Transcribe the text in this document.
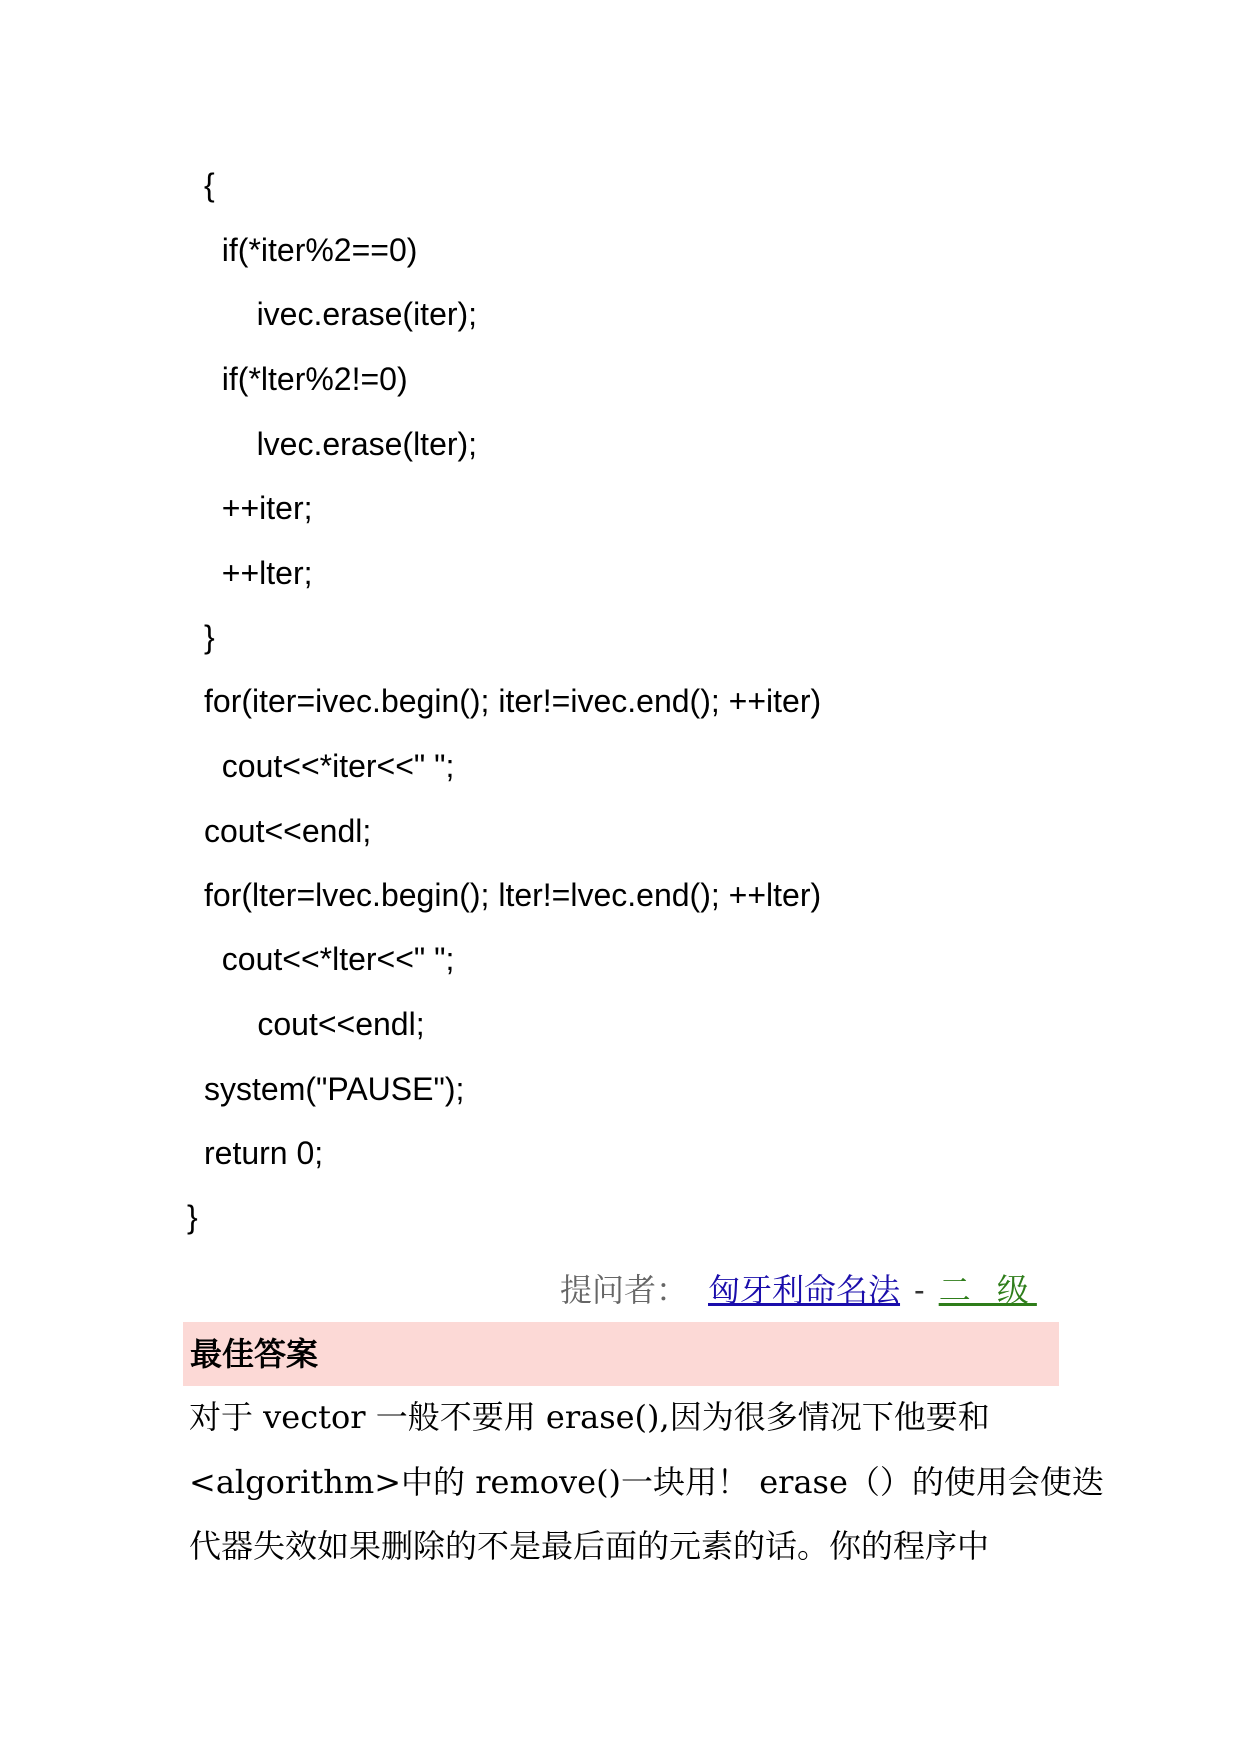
{
if(*iter%2==0)
ivec.erase(iter);
if(*lter%2!=0)
lvec.erase(lter);
++iter;
++lter;
}
for(iter=ivec.begin(); iter!=ivec.end(); ++iter)
cout<<*iter<<" ";
cout<<endl;
for(lter=lvec.begin(); lter!=lvec.end(); ++lter)
cout<<*lter<<" ";
cout<<endl;
system("PAUSE");
return 0;
}
提问者： 匈牙利命名法 - 二 级
最佳答案
对于 vector 一般不要用 erase(),因为很多情况下他要和
<algorithm>中的 remove()一块用！ erase（）的使用会使迭
代器失效如果删除的不是最后面的元素的话。你的程序中
